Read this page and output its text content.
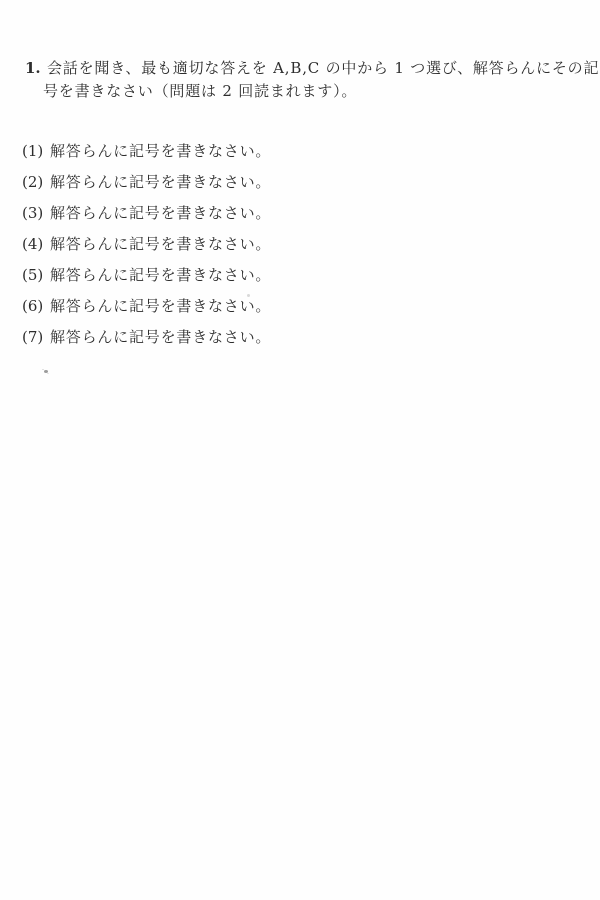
1. 会話を聞き、最も適切な答えを A,B,C の中から 1 つ選び、解答らんにその記
号を書きなさい（問題は 2 回読まれます）。
(1) 解答らんに記号を書きなさい。
(2) 解答らんに記号を書きなさい。
(3) 解答らんに記号を書きなさい。
(4) 解答らんに記号を書きなさい。
(5) 解答らんに記号を書きなさい。
(6) 解答らんに記号を書きなさい。
(7) 解答らんに記号を書きなさい。
